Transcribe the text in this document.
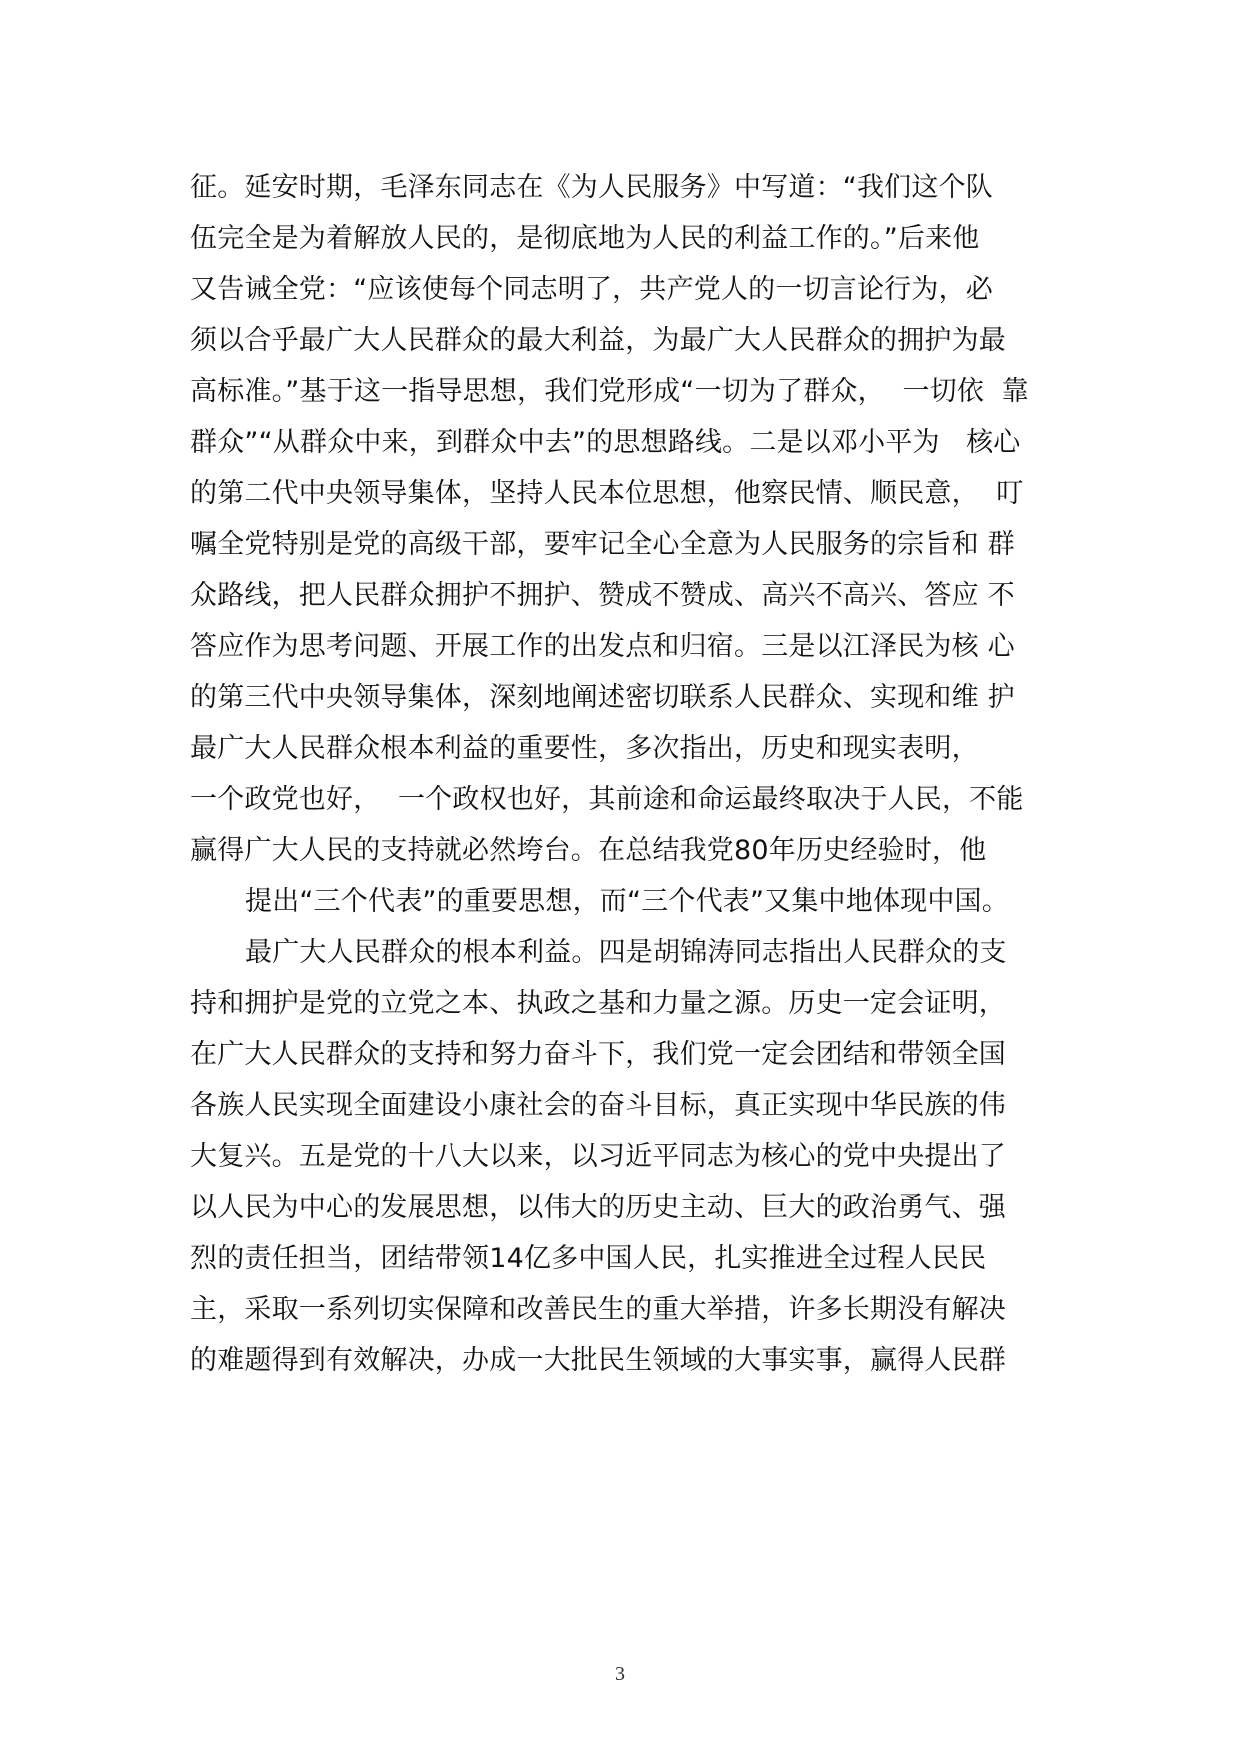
征。延安时期，毛泽东同志在《为人民服务》中写道：“我们这个队
伍完全是为着解放人民的，是彻底地为人民的利益工作的。”后来他
又告诫全党：“应该使每个同志明了，共产党人的一切言论行为，必
须以合乎最广大人民群众的最大利益，为最广大人民群众的拥护为最
高标准。”基于这一指导思想，我们党形成“一切为了群众，  一切依  靠
群众”“从群众中来，到群众中去”的思想路线。二是以邓小平为   核心
的第二代中央领导集体，坚持人民本位思想，他察民情、顺民意，  叮
嘱全党特别是党的高级干部，要牢记全心全意为人民服务的宗旨和 群
众路线，把人民群众拥护不拥护、赞成不赞成、高兴不高兴、答应 不
答应作为思考问题、开展工作的出发点和归宿。三是以江泽民为核 心
的第三代中央领导集体，深刻地阐述密切联系人民群众、实现和维 护
最广大人民群众根本利益的重要性，多次指出，历史和现实表明，
一个政党也好，  一个政权也好，其前途和命运最终取决于人民，不能
赢得广大人民的支持就必然垮台。在总结我党80年历史经验时，他
提出“三个代表”的重要思想，而“三个代表”又集中地体现中国。
最广大人民群众的根本利益。四是胡锦涛同志指出人民群众的支
持和拥护是党的立党之本、执政之基和力量之源。历史一定会证明，
在广大人民群众的支持和努力奋斗下，我们党一定会团结和带领全国
各族人民实现全面建设小康社会的奋斗目标，真正实现中华民族的伟
大复兴。五是党的十八大以来，以习近平同志为核心的党中央提出了
以人民为中心的发展思想，以伟大的历史主动、巨大的政治勇气、强
烈的责任担当，团结带领14亿多中国人民，扎实推进全过程人民民
主，采取一系列切实保障和改善民生的重大举措，许多长期没有解决
的难题得到有效解决，办成一大批民生领域的大事实事，赢得人民群
3
